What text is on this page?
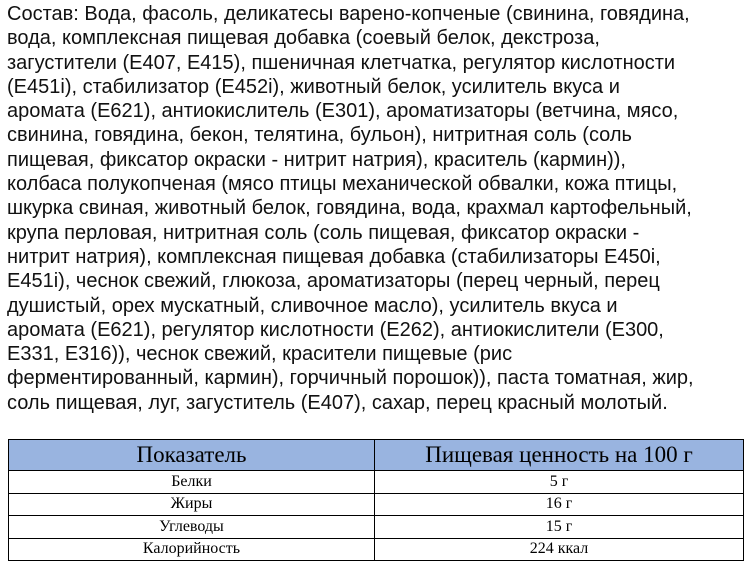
Состав: Вода, фасоль, деликатесы варено-копченые (свинина, говядина,
вода, комплексная пищевая добавка (соевый белок, декстроза,
загустители (E407, E415), пшеничная клетчатка, регулятор кислотности
(E451i), стабилизатор (E452i), животный белок, усилитель вкуса и
аромата (E621), антиокислитель (E301), ароматизаторы (ветчина, мясо,
свинина, говядина, бекон, телятина, бульон), нитритная соль (соль
пищевая, фиксатор окраски - нитрит натрия), краситель (кармин)),
колбаса полукопченая (мясо птицы механической обвалки, кожа птицы,
шкурка свиная, животный белок, говядина, вода, крахмал картофельный,
крупа перловая, нитритная соль (соль пищевая, фиксатор окраски -
нитрит натрия), комплексная пищевая добавка (стабилизаторы E450i,
E451i), чеснок свежий, глюкоза, ароматизаторы (перец черный, перец
душистый, орех мускатный, сливочное масло), усилитель вкуса и
аромата (E621), регулятор кислотности (E262), антиокислители (E300,
E331, E316)), чеснок свежий, красители пищевые (рис
ферментированный, кармин), горчичный порошок)), паста томатная, жир,
соль пищевая, луг, загуститель (E407), сахар, перец красный молотый.
Показатель	Пищевая ценность на 100 г
Белки	5 г
Жиры	16 г
Углеводы	15 г
Калорийность	224 ккал
